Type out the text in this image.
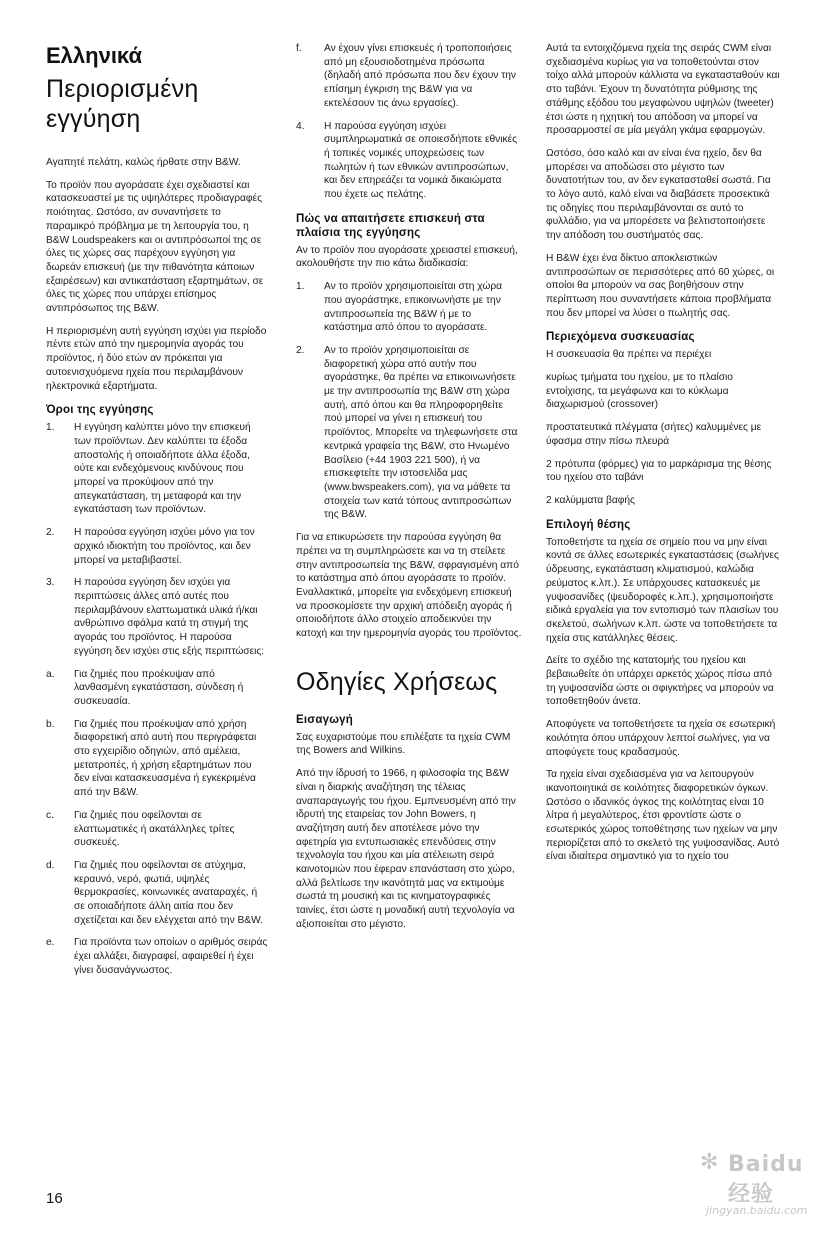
Ελληνικά
Περιορισμένη εγγύηση

Αγαπητέ πελάτη, καλώς ήρθατε στην B&W.

Το προϊόν που αγοράσατε έχει σχεδιαστεί και κατασκευαστεί με τις υψηλότερες προδιαγραφές ποιότητας. Ωστόσο, αν συναντήσετε το παραμικρό πρόβλημα με τη λειτουργία του, η B&W Loudspeakers και οι αντιπρόσωποί της σε όλες τις χώρες σας παρέχουν εγγύηση για δωρεάν επισκευή (με την πιθανότητα κάποιων εξαιρέσεων) και αντικατάσταση εξαρτημάτων, σε όλες τις χώρες που υπάρχει επίσημος αντιπρόσωπος της B&W.

Η περιορισμένη αυτή εγγύηση ισχύει για περίοδο πέντε ετών από την ημερομηνία αγοράς του προϊόντος, ή δύο ετών αν πρόκειται για αυτοενισχυόμενα ηχεία που περιλαμβάνουν ηλεκτρονικά εξαρτήματα.

Όροι της εγγύησης
1. Η εγγύηση καλύπτει μόνο την επισκευή των προϊόντων. Δεν καλύπτει τα έξοδα αποστολής ή οποιαδήποτε άλλα έξοδα, ούτε και ενδεχόμενους κινδύνους που μπορεί να προκύψουν από την απεγκατάσταση, τη μεταφορά και την εγκατάσταση των προϊόντων.
2. Η παρούσα εγγύηση ισχύει μόνο για τον αρχικό ιδιοκτήτη του προϊόντος, και δεν μπορεί να μεταβιβαστεί.
3. Η παρούσα εγγύηση δεν ισχύει για περιπτώσεις άλλες από αυτές που περιλαμβάνουν ελαττωματικά υλικά ή/και ανθρώπινο σφάλμα κατά τη στιγμή της αγοράς του προϊόντος. Η παρούσα εγγύηση δεν ισχύει στις εξής περιπτώσεις:
a. Για ζημιές που προέκυψαν από λανθασμένη εγκατάσταση, σύνδεση ή συσκευασία.
b. Για ζημιές που προέκυψαν από χρήση διαφορετική από αυτή που περιγράφεται στο εγχειρίδιο οδηγιών, από αμέλεια, μετατροπές, ή χρήση εξαρτημάτων που δεν είναι κατασκευασμένα ή εγκεκριμένα από την B&W.
c. Για ζημιές που οφείλονται σε ελαττωματικές ή ακατάλληλες τρίτες συσκευές.
d. Για ζημιές που οφείλονται σε ατύχημα, κεραυνό, νερό, φωτιά, υψηλές θερμοκρασίες, κοινωνικές αναταραχές, ή σε οποιαδήποτε άλλη αιτία που δεν σχετίζεται και δεν ελέγχεται από την B&W.
e. Για προϊόντα των οποίων ο αριθμός σειράς έχει αλλάξει, διαγραφεί, αφαιρεθεί ή έχει γίνει δυσανάγνωστος.
f. Αν έχουν γίνει επισκευές ή τροποποιήσεις από μη εξουσιοδοτημένα πρόσωπα (δηλαδή από πρόσωπα που δεν έχουν την επίσημη έγκριση της B&W για να εκτελέσουν τις άνω εργασίες).
4. Η παρούσα εγγύηση ισχύει συμπληρωματικά σε οποιεσδήποτε εθνικές ή τοπικές νομικές υποχρεώσεις των πωλητών ή των εθνικών αντιπροσώπων, και δεν επηρεάζει τα νομικά δικαιώματα που έχετε ως πελάτης.
Πώς να απαιτήσετε επισκευή στα πλαίσια της εγγύησης

Αν το προϊόν που αγοράσατε χρειαστεί επισκευή, ακολουθήστε την πιο κάτω διαδικασία:

1. Αν το προϊόν χρησιμοποιείται στη χώρα που αγοράστηκε, επικοινωνήστε με την αντιπροσωπεία της B&W ή με το κατάστημα από όπου το αγοράσατε.
2. Αν το προϊόν χρησιμοποιείται σε διαφορετική χώρα από αυτήν που αγοράστηκε, θα πρέπει να επικοινωνήσετε με την αντιπροσωπία της B&W στη χώρα αυτή, από όπου και θα πληροφορηθείτε πού μπορεί να γίνει η επισκευή του προϊόντος. Μπορείτε να τηλεφωνήσετε στα κεντρικά γραφεία της B&W, στο Ηνωμένο Βασίλειο (+44 1903 221 500), ή να επισκεφτείτε την ιστοσελίδα μας (www.bwspeakers.com), για να μάθετε τα στοιχεία των κατά τόπους αντιπροσώπων της B&W.

Για να επικυρώσετε την παρούσα εγγύηση θα πρέπει να τη συμπληρώσετε και να τη στείλετε στην αντιπροσωπεία της B&W, σφραγισμένη από το κατάστημα από όπου αγοράσατε το προϊόν. Εναλλακτικά, μπορείτε για ενδεχόμενη επισκευή να προσκομίσετε την αρχική απόδειξη αγοράς ή οποιοδήποτε άλλο στοιχείο αποδεικνύει την κατοχή και την ημερομηνία αγοράς του προϊόντος.

Οδηγίες Χρήσεως
Εισαγωγή

Σας ευχαριστούμε που επιλέξατε τα ηχεία CWM της Bowers and Wilkins.

Από την ίδρυσή το 1966, η φιλοσοφία της B&W είναι η διαρκής αναζήτηση της τέλειας αναπαραγωγής του ήχου. Εμπνευσμένη από την ιδρυτή της εταιρείας τον John Bowers, η αναζήτηση αυτή δεν αποτέλεσε μόνο την αφετηρία για εντυπωσιακές επενδύσεις στην τεχνολογία του ήχου και μία ατέλειωτη σειρά καινοτομιών που έφεραν επανάσταση στο χώρο, αλλά βελτίωσε την ικανότητά μας να εκτιμούμε σωστά τη μουσική και τις κινηματογραφικές ταινίες, έτσι ώστε η μοναδική αυτή τεχνολογία να αξιοποιείται στο μέγιστο.

Αυτά τα εντοιχιζόμενα ηχεία της σειράς CWM είναι σχεδιασμένα κυρίως για να τοποθετούνται στον τοίχο αλλά μπορούν κάλλιστα να εγκατασταθούν και στο ταβάνι. Έχουν τη δυνατότητα ρύθμισης της στάθμης εξόδου του μεγαφώνου υψηλών (tweeter) έτσι ώστε η ηχητική του απόδοση να μπορεί να προσαρμοστεί σε μία μεγάλη γκάμα εφαρμογών.

Ωστόσο, όσο καλό και αν είναι ένα ηχείο, δεν θα μπορέσει να αποδώσει στο μέγιστο των δυνατοτήτων του, αν δεν εγκατασταθεί σωστά. Για το λόγο αυτό, καλό είναι να διαβάσετε προσεκτικά τις οδηγίες που περιλαμβάνονται σε αυτό το φυλλάδιο, για να μπορέσετε να βελτιστοποιήσετε την απόδοση του συστήματός σας.

Η B&W έχει ένα δίκτυο αποκλειστικών αντιπροσώπων σε περισσότερες από 60 χώρες, οι οποίοι θα μπορούν να σας βοηθήσουν στην περίπτωση που συναντήσετε κάποια προβλήματα που δεν μπορεί να λύσει ο πωλητής σας.

Περιεχόμενα συσκευασίας

Η συσκευασία θα πρέπει να περιέχει

κυρίως τμήματα του ηχείου, με το πλαίσιο εντοίχισης, τα μεγάφωνα και το κύκλωμα διαχωρισμού (crossover)

προστατευτικά πλέγματα (σήτες) καλυμμένες με ύφασμα στην πίσω πλευρά

2 πρότυπα (φόρμες) για το μαρκάρισμα της θέσης του ηχείου στο ταβάνι

2 καλύμματα βαφής

Επιλογή θέσης

Τοποθετήστε τα ηχεία σε σημείο που να μην είναι κοντά σε άλλες εσωτερικές εγκαταστάσεις (σωλήνες ύδρευσης, εγκατάσταση κλιματισμού, καλώδια ρεύματος κ.λπ.). Σε υπάρχουσες κατασκευές με γυψοσανίδες (ψευδοροφές κ.λπ.), χρησιμοποιήστε ειδικά εργαλεία για τον εντοπισμό των πλαισίων του σκελετού, σωλήνων κ.λπ. ώστε να τοποθετήσετε τα ηχεία στις κατάλληλες θέσεις.

Δείτε το σχέδιο της κατατομής του ηχείου και βεβαιωθείτε ότι υπάρχει αρκετός χώρος πίσω από τη γυψοσανίδα ώστε οι σφιγκτήρες να μπορούν να τοποθετηθούν άνετα.

Αποφύγετε να τοποθετήσετε τα ηχεία σε εσωτερική κοιλότητα όπου υπάρχουν λεπτοί σωλήνες, για να αποφύγετε τους κραδασμούς.

Τα ηχεία είναι σχεδιασμένα για να λειτουργούν ικανοποιητικά σε κοιλότητες διαφορετικών όγκων. Ωστόσο ο ιδανικός όγκος της κοιλότητας είναι 10 λίτρα ή μεγαλύτερος, έτσι φροντίστε ώστε ο εσωτερικός χώρος τοποθέτησης των ηχείων να μην περιορίζεται από το σκελετό της γυψοσανίδας. Αυτό είναι ιδιαίτερα σημαντικό για το ηχείο του

16
✻ Baidu 经验
jingyan.baidu.com
